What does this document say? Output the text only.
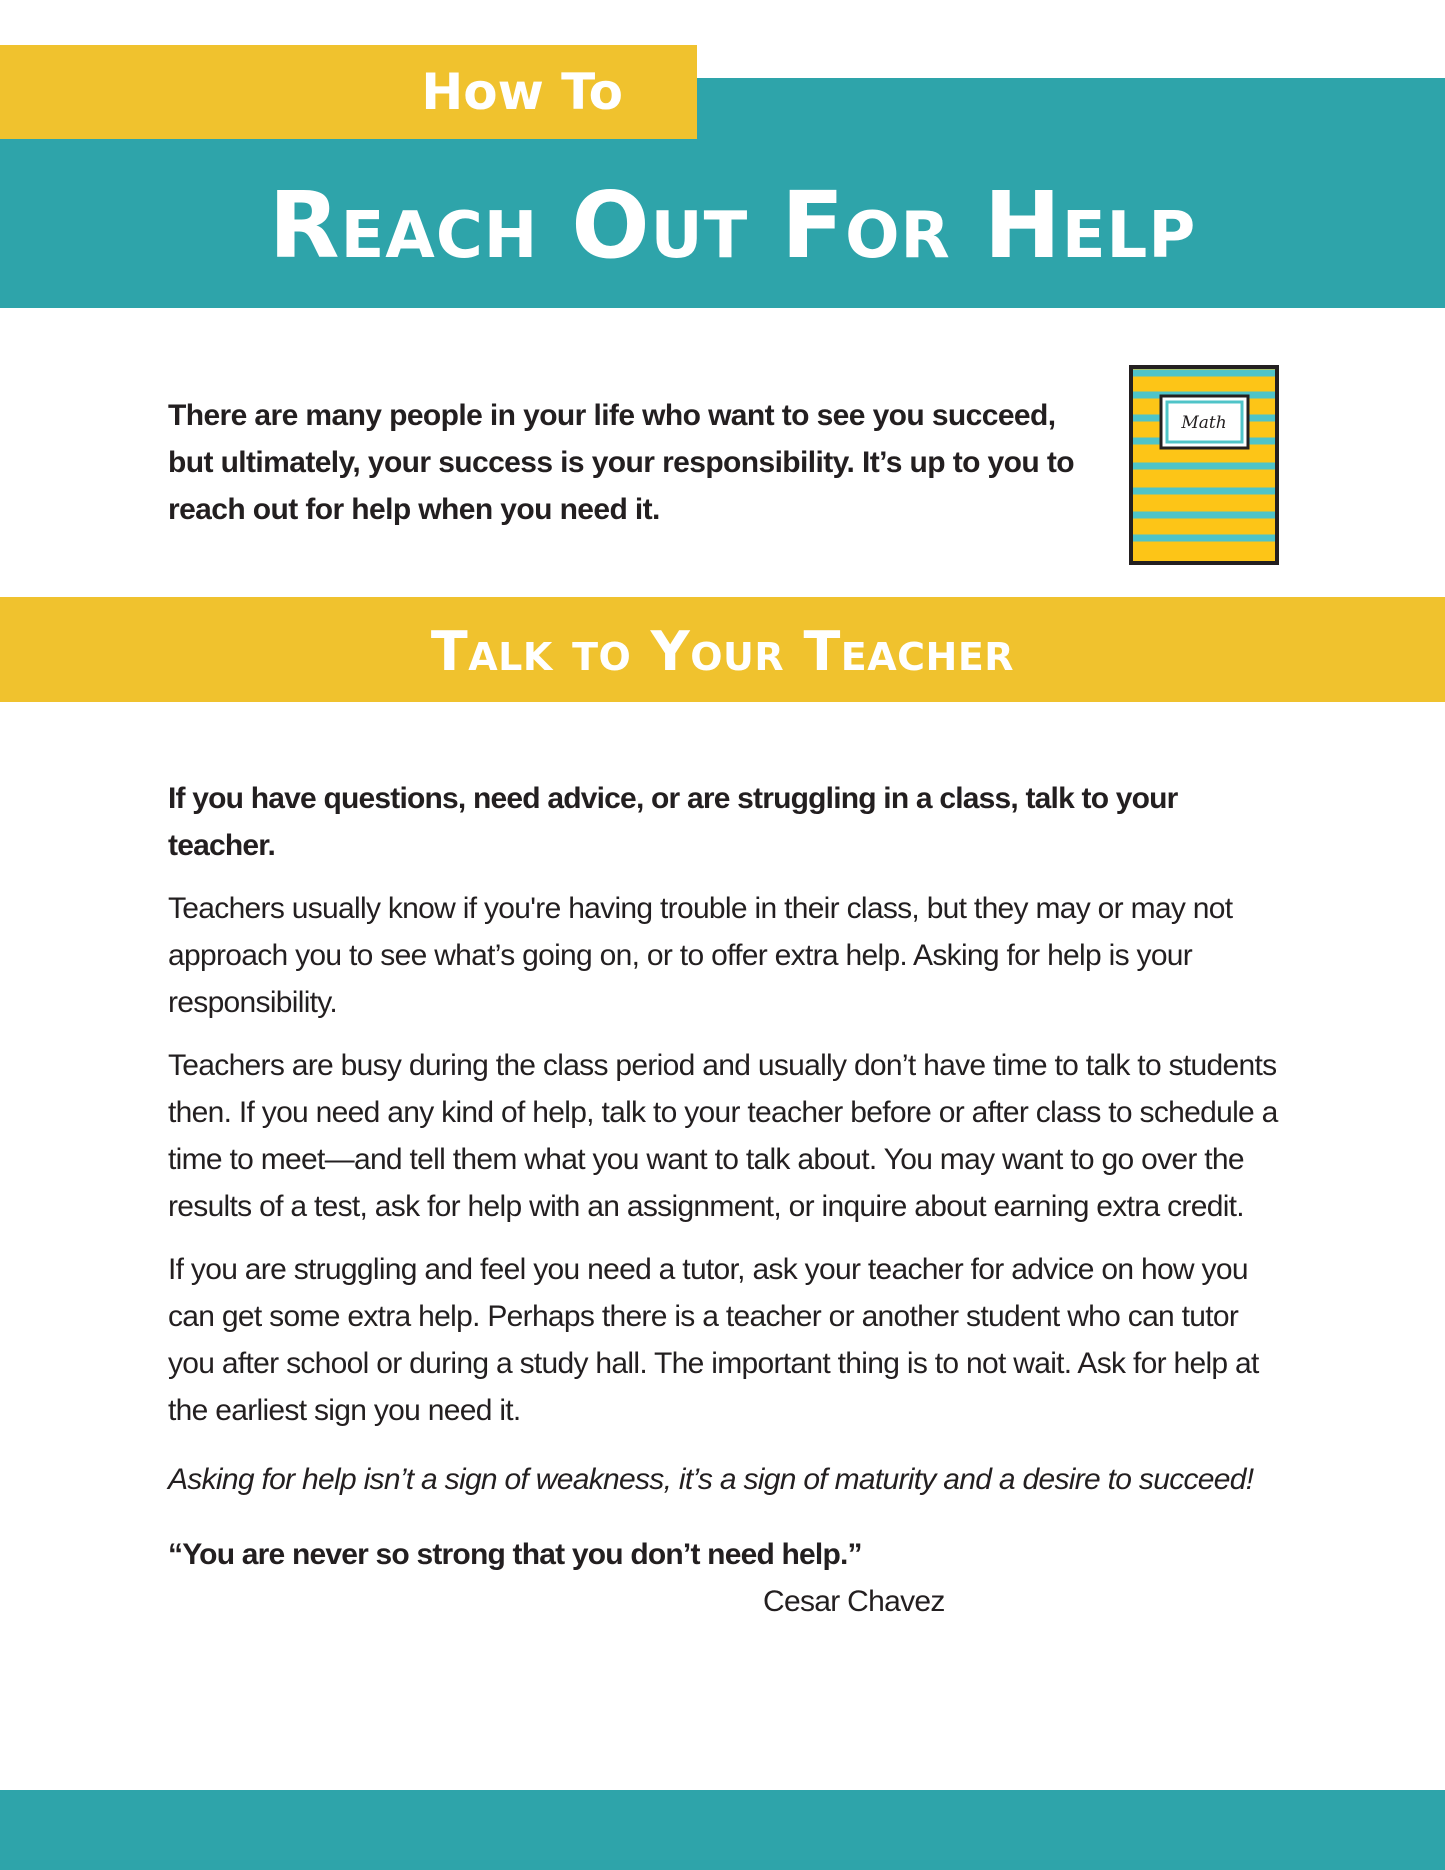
How To
Reach Out For Help

There are many people in your life who want to see you succeed, but ultimately, your success is your responsibility. It’s up to you to reach out for help when you need it.

Math
Talk to Your Teacher

If you have questions, need advice, or are struggling in a class, talk to your teacher.

Teachers usually know if you're having trouble in their class, but they may or may not approach you to see what’s going on, or to offer extra help. Asking for help is your responsibility.

Teachers are busy during the class period and usually don’t have time to talk to students then. If you need any kind of help, talk to your teacher before or after class to schedule a time to meet—and tell them what you want to talk about. You may want to go over the results of a test, ask for help with an assignment, or inquire about earning extra credit.

If you are struggling and feel you need a tutor, ask your teacher for advice on how you can get some extra help. Perhaps there is a teacher or another student who can tutor you after school or during a study hall. The important thing is to not wait. Ask for help at the earliest sign you need it.

Asking for help isn’t a sign of weakness, it’s a sign of maturity and a desire to succeed!

“You are never so strong that you don’t need help.”

Cesar Chavez
